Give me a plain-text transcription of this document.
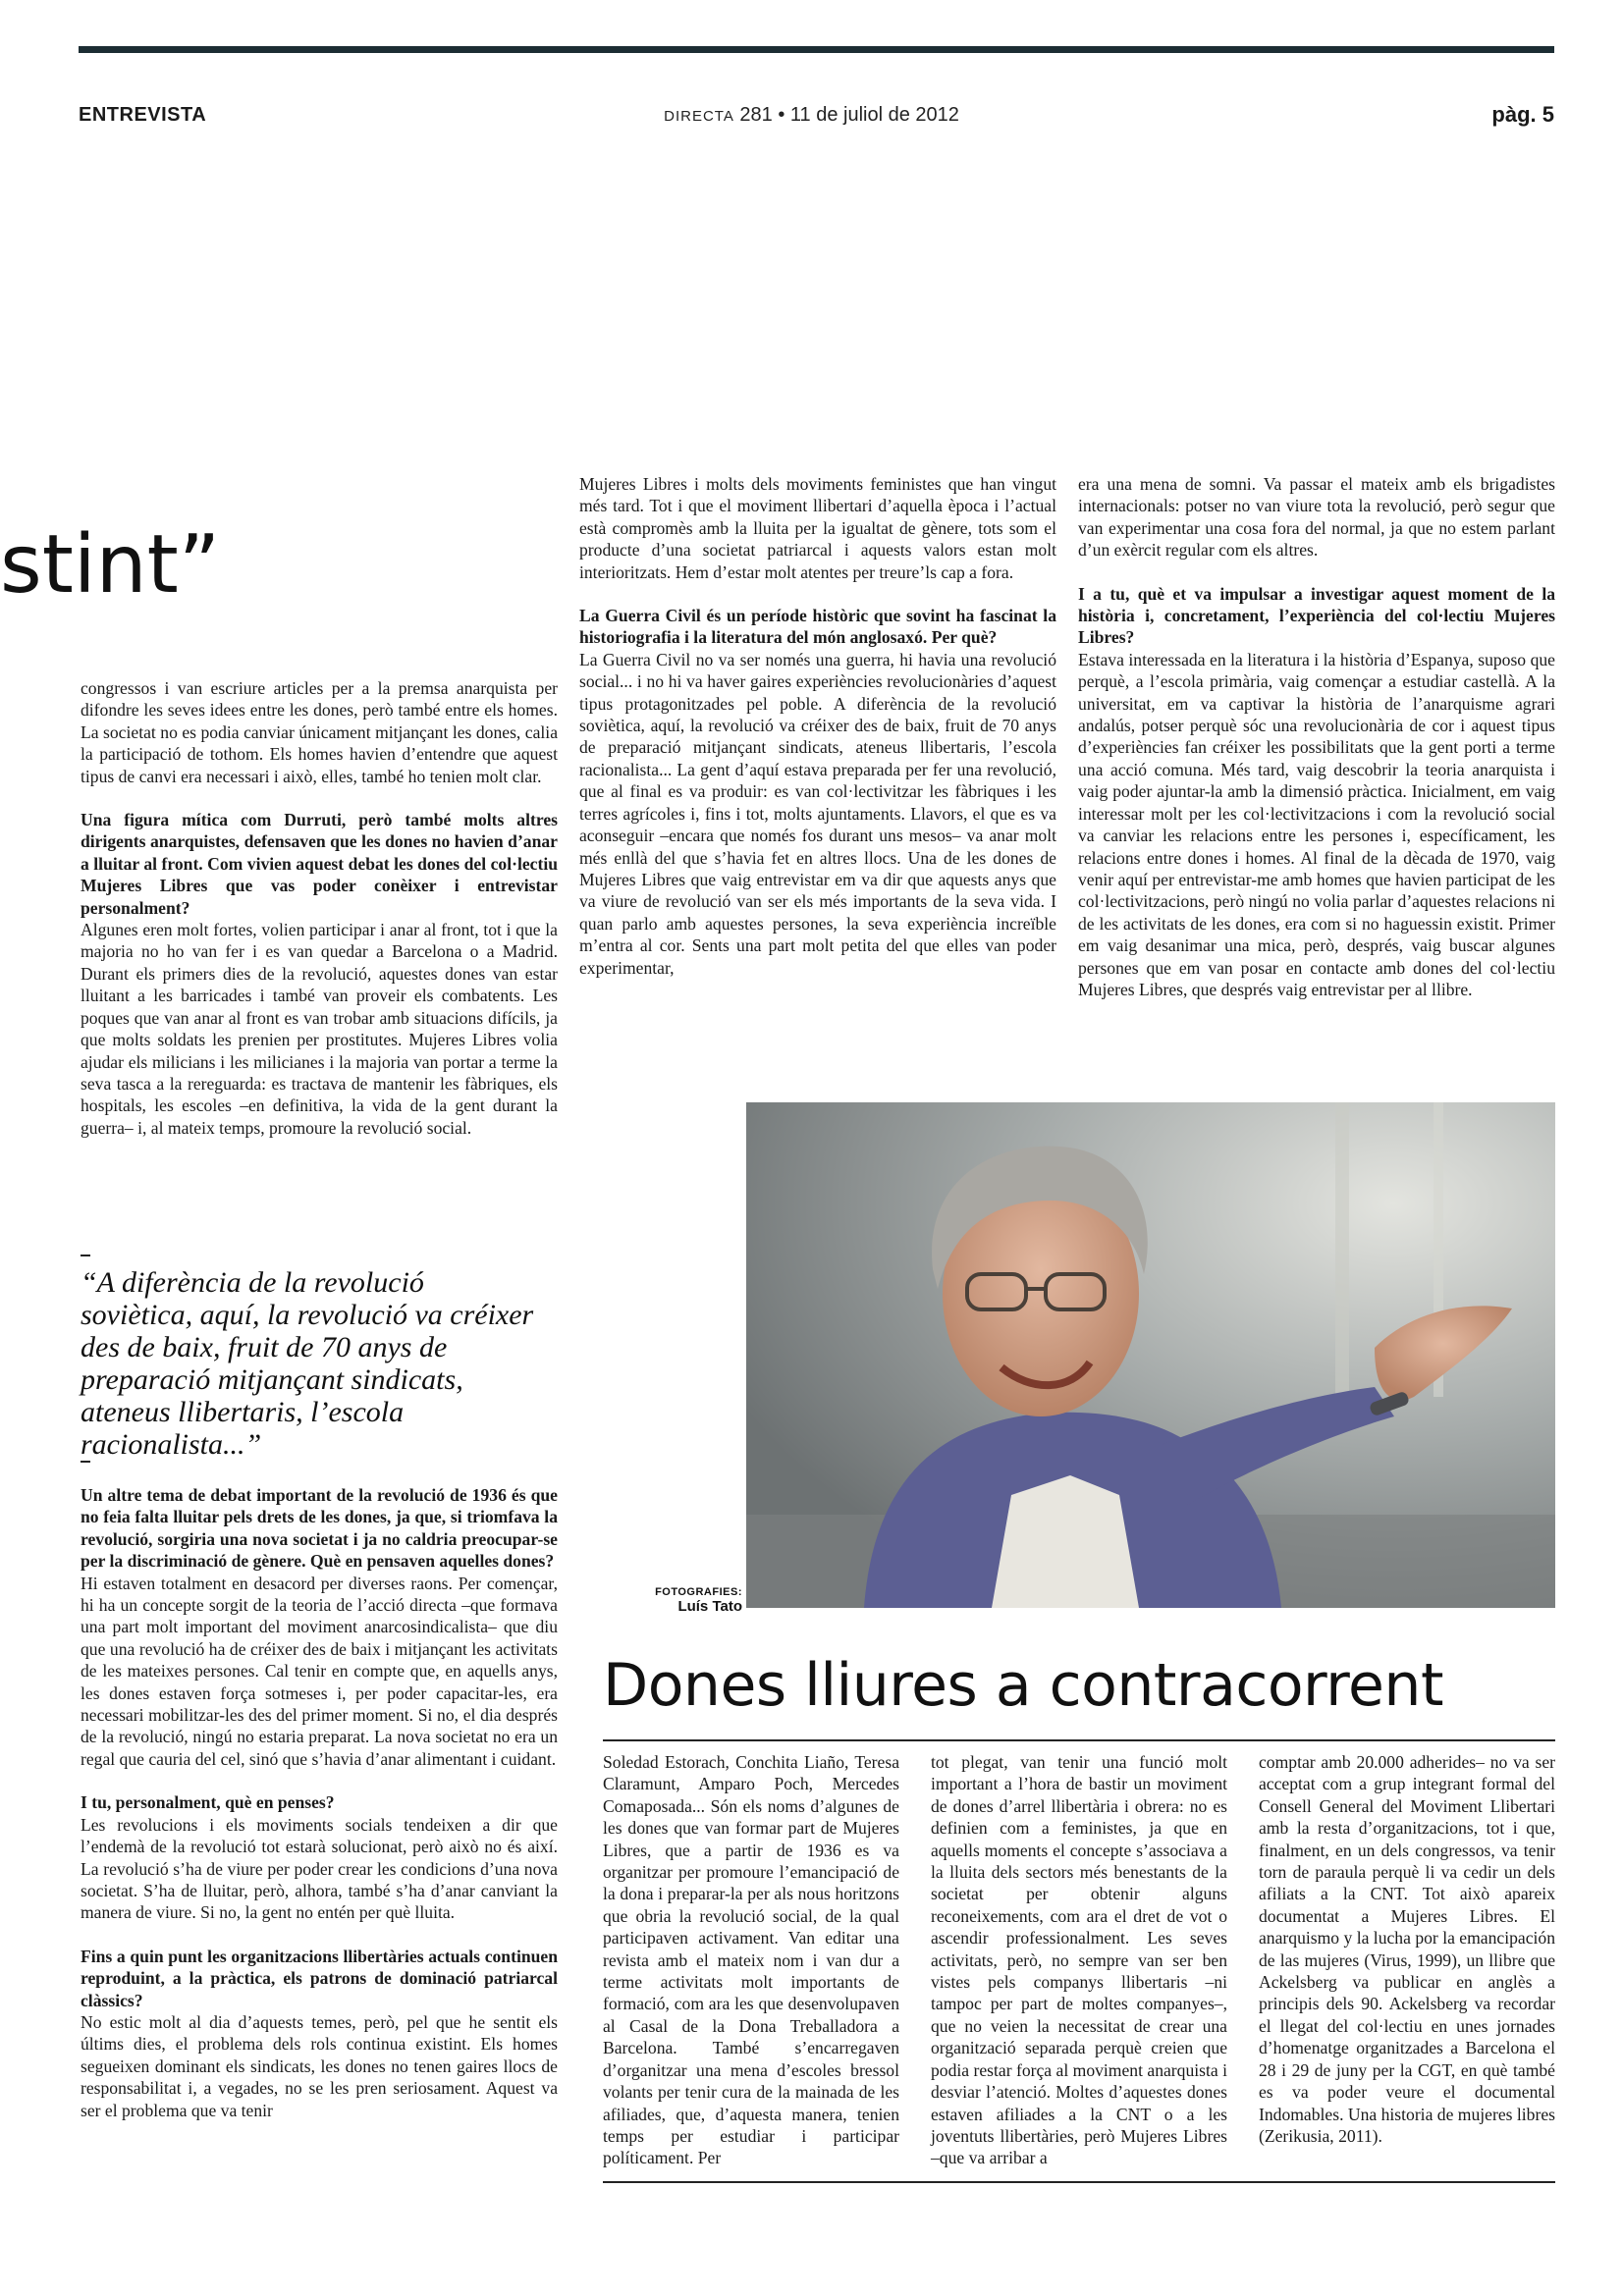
ENTREVISTA	DIRECTA 281 • 11 de juliol de 2012	pàg. 5
stint”

congressos i van escriure articles per a la premsa anarquista per difondre les seves idees entre les dones, però també entre els homes. La societat no es podia canviar únicament mitjançant les dones, calia la participació de tothom. Els homes havien d’entendre que aquest tipus de canvi era necessari i això, elles, també ho tenien molt clar.

Una figura mítica com Durruti, però també molts altres dirigents anarquistes, defensaven que les dones no havien d’anar a lluitar al front. Com vivien aquest debat les dones del col·lectiu Mujeres Libres que vas poder conèixer i entrevistar personalment?

Algunes eren molt fortes, volien participar i anar al front, tot i que la majoria no ho van fer i es van quedar a Barcelona o a Madrid. Durant els primers dies de la revolució, aquestes dones van estar lluitant a les barricades i també van proveir els combatents. Les poques que van anar al front es van trobar amb situacions difícils, ja que molts soldats les prenien per prostitutes. Mujeres Libres volia ajudar els milicians i les milicianes i la majoria van portar a terme la seva tasca a la rereguarda: es tractava de mantenir les fàbriques, els hospitals, les escoles –en definitiva, la vida de la gent durant la guerra– i, al mateix temps, promoure la revolució social.

“A diferència de la revolució soviètica, aquí, la revolució va créixer des de baix, fruit de 70 anys de preparació mitjançant sindicats, ateneus llibertaris, l’escola racionalista...”

Un altre tema de debat important de la revolució de 1936 és que no feia falta lluitar pels drets de les dones, ja que, si triomfava la revolució, sorgiria una nova societat i ja no caldria preocupar-se per la discriminació de gènere. Què en pensaven aquelles dones?

Hi estaven totalment en desacord per diverses raons. Per començar, hi ha un concepte sorgit de la teoria de l’acció directa –que formava una part molt important del moviment anarcosindicalista– que diu que una revolució ha de créixer des de baix i mitjançant les activitats de les mateixes persones. Cal tenir en compte que, en aquells anys, les dones estaven força sotmeses i, per poder capacitar-les, era necessari mobilitzar-les des del primer moment. Si no, el dia després de la revolució, ningú no estaria preparat. La nova societat no era un regal que cauria del cel, sinó que s’havia d’anar alimentant i cuidant.

I tu, personalment, què en penses?

Les revolucions i els moviments socials tendeixen a dir que l’endemà de la revolució tot estarà solucionat, però això no és així. La revolució s’ha de viure per poder crear les condicions d’una nova societat. S’ha de lluitar, però, alhora, també s’ha d’anar canviant la manera de viure. Si no, la gent no entén per què lluita.

Fins a quin punt les organitzacions llibertàries actuals continuen reproduint, a la pràctica, els patrons de dominació patriarcal clàssics?

No estic molt al dia d’aquests temes, però, pel que he sentit els últims dies, el problema dels rols continua existint. Els homes segueixen dominant els sindicats, les dones no tenen gaires llocs de responsabilitat i, a vegades, no se les pren seriosament. Aquest va ser el problema que va tenir

Mujeres Libres i molts dels moviments feministes que han vingut més tard. Tot i que el moviment llibertari d’aquella època i l’actual està compromès amb la lluita per la igualtat de gènere, tots som el producte d’una societat patriarcal i aquests valors estan molt interioritzats. Hem d’estar molt atentes per treure’ls cap a fora.

La Guerra Civil és un període històric que sovint ha fascinat la historiografia i la literatura del món anglosaxó. Per què?

La Guerra Civil no va ser només una guerra, hi havia una revolució social... i no hi va haver gaires experiències revolucionàries d’aquest tipus protagonitzades pel poble. A diferència de la revolució soviètica, aquí, la revolució va créixer des de baix, fruit de 70 anys de preparació mitjançant sindicats, ateneus llibertaris, l’escola racionalista... La gent d’aquí estava preparada per fer una revolució, que al final es va produir: es van col·lectivitzar les fàbriques i les terres agrícoles i, fins i tot, molts ajuntaments. Llavors, el que es va aconseguir –encara que només fos durant uns mesos– va anar molt més enllà del que s’havia fet en altres llocs. Una de les dones de Mujeres Libres que vaig entrevistar em va dir que aquests anys que va viure de revolució van ser els més importants de la seva vida. I quan parlo amb aquestes persones, la seva experiència increïble m’entra al cor. Sents una part molt petita del que elles van poder experimentar,

era una mena de somni. Va passar el mateix amb els brigadistes internacionals: potser no van viure tota la revolució, però segur que van experimentar una cosa fora del normal, ja que no estem parlant d’un exèrcit regular com els altres.

I a tu, què et va impulsar a investigar aquest moment de la història i, concretament, l’experiència del col·lectiu Mujeres Libres?

Estava interessada en la literatura i la història d’Espanya, suposo que perquè, a l’escola primària, vaig començar a estudiar castellà. A la universitat, em va captivar la història de l’anarquisme agrari andalús, potser perquè sóc una revolucionària de cor i aquest tipus d’experiències fan créixer les possibilitats que la gent porti a terme una acció comuna. Més tard, vaig descobrir la teoria anarquista i vaig poder ajuntar-la amb la dimensió pràctica. Inicialment, em vaig interessar molt per les col·lectivitzacions i com la revolució social va canviar les relacions entre les persones i, específicament, les relacions entre dones i homes. Al final de la dècada de 1970, vaig venir aquí per entrevistar-me amb homes que havien participat de les col·lectivitzacions, però ningú no volia parlar d’aquestes relacions ni de les activitats de les dones, era com si no haguessin existit. Primer em vaig desanimar una mica, però, després, vaig buscar algunes persones que em van posar en contacte amb dones del col·lectiu Mujeres Libres, que després vaig entrevistar per al llibre.

FOTOGRAFIES:
Luís Tato
Dones lliures a contracorrent
Soledad Estorach, Conchita Liaño, Teresa Claramunt, Amparo Poch, Mercedes Comaposada... Són els noms d’algunes de les dones que van formar part de Mujeres Libres, que a partir de 1936 es va organitzar per promoure l’emancipació de la dona i preparar-la per als nous horitzons que obria la revolució social, de la qual participaven activament. Van editar una revista amb el mateix nom i van dur a terme activitats molt importants de formació, com ara les que desenvolupaven al Casal de la Dona Treballadora a Barcelona. També s’encarregaven d’organitzar una mena d’escoles bressol volants per tenir cura de la mainada de les afiliades, que, d’aquesta manera, tenien temps per estudiar i participar políticament. Per
tot plegat, van tenir una funció molt important a l’hora de bastir un moviment de dones d’arrel llibertària i obrera: no es definien com a feministes, ja que en aquells moments el concepte s’associava a la lluita dels sectors més benestants de la societat per obtenir alguns reconeixements, com ara el dret de vot o ascendir professionalment. Les seves activitats, però, no sempre van ser ben vistes pels companys llibertaris –ni tampoc per part de moltes companyes–, que no veien la necessitat de crear una organització separada perquè creien que podia restar força al moviment anarquista i desviar l’atenció. Moltes d’aquestes dones estaven afiliades a la CNT o a les joventuts llibertàries, però Mujeres Libres –que va arribar a
comptar amb 20.000 adherides– no va ser acceptat com a grup integrant formal del Consell General del Moviment Llibertari amb la resta d’organitzacions, tot i que, finalment, en un dels congressos, va tenir torn de paraula perquè li va cedir un dels afiliats a la CNT. Tot això apareix documentat a Mujeres Libres. El anarquismo y la lucha por la emancipación de las mujeres (Virus, 1999), un llibre que Ackelsberg va publicar en anglès a principis dels 90. Ackelsberg va recordar el llegat del col·lectiu en unes jornades d’homenatge organitzades a Barcelona el 28 i 29 de juny per la CGT, en què també es va poder veure el documental Indomables. Una historia de mujeres libres (Zerikusia, 2011).
